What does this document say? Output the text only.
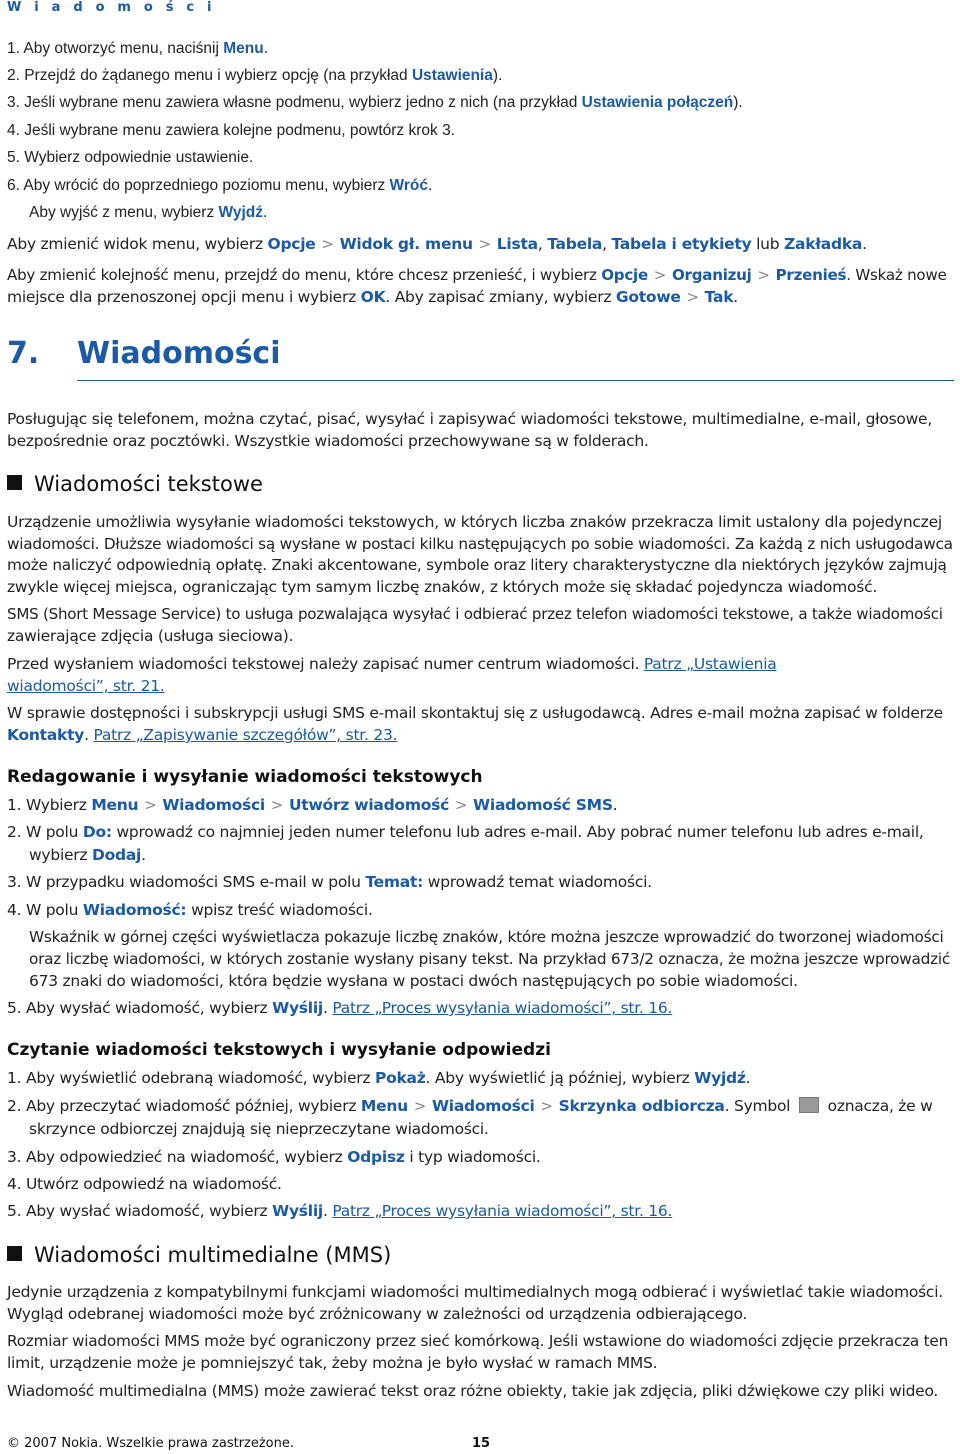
W i a d o m o ś c i
1. Aby otworzyć menu, naciśnij Menu.
2. Przejdź do żądanego menu i wybierz opcję (na przykład Ustawienia).
3. Jeśli wybrane menu zawiera własne podmenu, wybierz jedno z nich (na przykład Ustawienia połączeń).
4. Jeśli wybrane menu zawiera kolejne podmenu, powtórz krok 3.
5. Wybierz odpowiednie ustawienie.
6. Aby wrócić do poprzedniego poziomu menu, wybierz Wróć.
Aby wyjść z menu, wybierz Wyjdź.
Aby zmienić widok menu, wybierz Opcje > Widok gł. menu > Lista, Tabela, Tabela i etykiety lub Zakładka.
Aby zmienić kolejność menu, przejdź do menu, które chcesz przenieść, i wybierz Opcje > Organizuj > Przenieś. Wskaż nowe
miejsce dla przenoszonej opcji menu i wybierz OK. Aby zapisać zmiany, wybierz Gotowe > Tak.
7. Wiadomości
Posługując się telefonem, można czytać, pisać, wysyłać i zapisywać wiadomości tekstowe, multimedialne, e-mail, głosowe,
bezpośrednie oraz pocztówki. Wszystkie wiadomości przechowywane są w folderach.
Wiadomości tekstowe
Urządzenie umożliwia wysyłanie wiadomości tekstowych, w których liczba znaków przekracza limit ustalony dla pojedynczej
wiadomości. Dłuższe wiadomości są wysłane w postaci kilku następujących po sobie wiadomości. Za każdą z nich usługodawca
może naliczyć odpowiednią opłatę. Znaki akcentowane, symbole oraz litery charakterystyczne dla niektórych języków zajmują
zwykle więcej miejsca, ograniczając tym samym liczbę znaków, z których może się składać pojedyncza wiadomość.
SMS (Short Message Service) to usługa pozwalająca wysyłać i odbierać przez telefon wiadomości tekstowe, a także wiadomości
zawierające zdjęcia (usługa sieciowa).
Przed wysłaniem wiadomości tekstowej należy zapisać numer centrum wiadomości. Patrz „Ustawienia
wiadomości”, str. 21.
W sprawie dostępności i subskrypcji usługi SMS e-mail skontaktuj się z usługodawcą. Adres e-mail można zapisać w folderze
Kontakty. Patrz „Zapisywanie szczegółów”, str. 23.
Redagowanie i wysyłanie wiadomości tekstowych
1. Wybierz Menu > Wiadomości > Utwórz wiadomość > Wiadomość SMS.
2. W polu Do: wprowadź co najmniej jeden numer telefonu lub adres e-mail. Aby pobrać numer telefonu lub adres e-mail,
wybierz Dodaj.
3. W przypadku wiadomości SMS e-mail w polu Temat: wprowadź temat wiadomości.
4. W polu Wiadomość: wpisz treść wiadomości.
Wskaźnik w górnej części wyświetlacza pokazuje liczbę znaków, które można jeszcze wprowadzić do tworzonej wiadomości
oraz liczbę wiadomości, w których zostanie wysłany pisany tekst. Na przykład 673/2 oznacza, że można jeszcze wprowadzić
673 znaki do wiadomości, która będzie wysłana w postaci dwóch następujących po sobie wiadomości.
5. Aby wysłać wiadomość, wybierz Wyślij. Patrz „Proces wysyłania wiadomości”, str. 16.
Czytanie wiadomości tekstowych i wysyłanie odpowiedzi
1. Aby wyświetlić odebraną wiadomość, wybierz Pokaż. Aby wyświetlić ją później, wybierz Wyjdź.
2. Aby przeczytać wiadomość później, wybierz Menu > Wiadomości > Skrzynka odbiorcza. Symbol  oznacza, że w
skrzynce odbiorczej znajdują się nieprzeczytane wiadomości.
3. Aby odpowiedzieć na wiadomość, wybierz Odpisz i typ wiadomości.
4. Utwórz odpowiedź na wiadomość.
5. Aby wysłać wiadomość, wybierz Wyślij. Patrz „Proces wysyłania wiadomości”, str. 16.
Wiadomości multimedialne (MMS)
Jedynie urządzenia z kompatybilnymi funkcjami wiadomości multimedialnych mogą odbierać i wyświetlać takie wiadomości.
Wygląd odebranej wiadomości może być zróżnicowany w zależności od urządzenia odbierającego.
Rozmiar wiadomości MMS może być ograniczony przez sieć komórkową. Jeśli wstawione do wiadomości zdjęcie przekracza ten
limit, urządzenie może je pomniejszyć tak, żeby można je było wysłać w ramach MMS.
Wiadomość multimedialna (MMS) może zawierać tekst oraz różne obiekty, takie jak zdjęcia, pliki dźwiękowe czy pliki wideo.
© 2007 Nokia. Wszelkie prawa zastrzeżone.	15
